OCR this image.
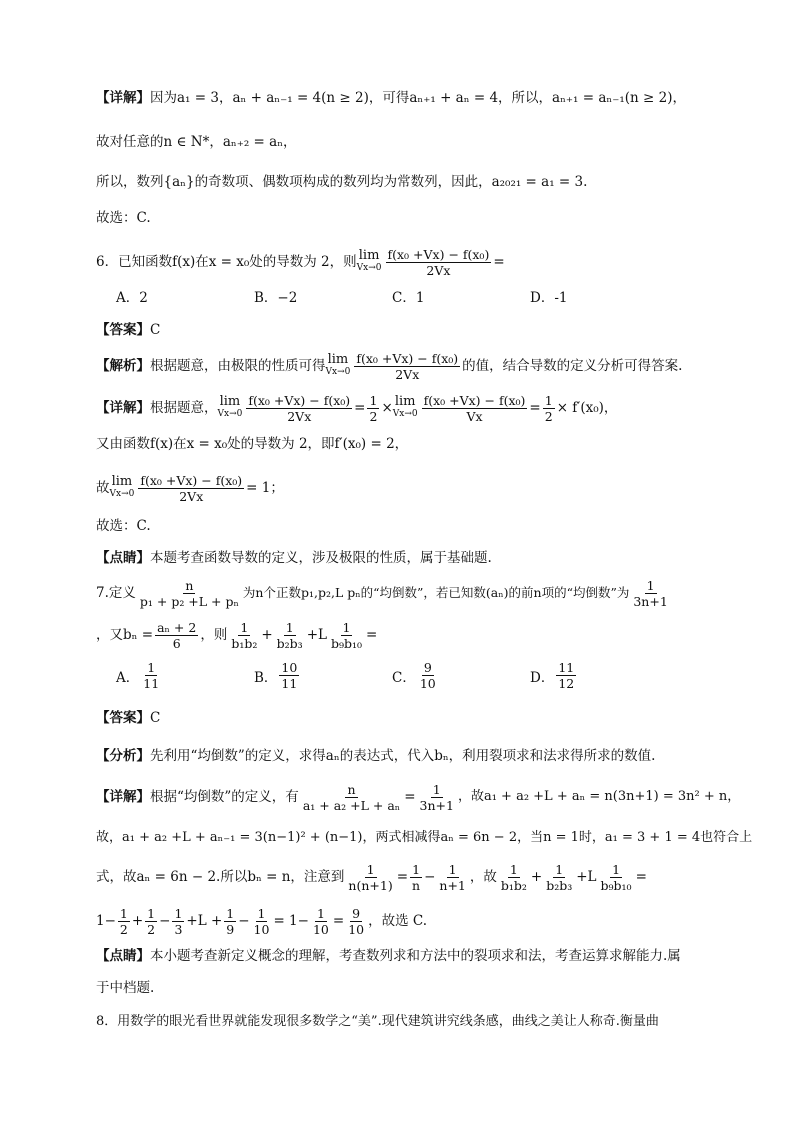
【详解】 因为a₁ = 3，aₙ + aₙ₋₁ = 4(n ≥ 2)，可得aₙ₊₁ + aₙ = 4，所以，aₙ₊₁ = aₙ₋₁(n ≥ 2)，
故对任意的n ∈ N*，aₙ₊₂ = aₙ，
所以，数列{aₙ}的奇数项、偶数项构成的数列均为常数列，因此，a₂₀₂₁ = a₁ = 3.
故选：C.
6．已知函数f(x)在x = x₀处的导数为 2，则 lim
$Vx\to 0 \frac{\text{f(x₀ +Vx) − f(x₀)}}{2Vx}$ =
A．2	B．−2	C．1	D．-1
【答案】 C
【解析】 根据题意，由极限的性质可得 lim
$Vx\to 0 \frac{\text{f(x₀ +Vx) − f(x₀)}}{2Vx}$ 的值，结合导数的定义分析可得答案.
【详解】 根据题意， lim
$Vx\to 0 \frac{\text{f(x₀ +Vx) − f(x₀)}}{2Vx} = \frac{1}{2} \times \lim$
$Vx\to 0 \frac{\text{f(x₀ +Vx) − f(x₀)}}{Vx} = \frac{1}{2} \times f'(x_0)$，
又由函数f(x)在x = x₀处的导数为 2，即f′(x₀) = 2，
故 lim
$Vx\to 0 \frac{\text{f(x₀ +Vx) − f(x₀)}}{2Vx} = 1$；
故选：C.
【点睛】 本题考查函数导数的定义，涉及极限的性质，属于基础题.
7.定义 $\frac{n}{\text{p₁ + p₂ +L + pₙ}}$ 为n个正数p₁,p₂,L pₙ的“均倒数”，若已知数(aₙ)的前n项的“均倒数”为 $\frac{1}{3n+1}$
，又$b_n = \frac{\text{aₙ + 2}}{6}$ ，则 $\frac{1}{\text{b₁b₂}} + \frac{1}{\text{b₂b₃}} +L \frac{1}{\text{b₉b₁₀}}$ =
A． $\frac{1}{11}$	B． $\frac{10}{11}$	C． $\frac{9}{10}$	D． $\frac{11}{12}$
【答案】 C
【分析】 先利用“均倒数”的定义，求得aₙ的表达式，代入bₙ，利用裂项求和法求得所求的数值.
【详解】 根据“均倒数”的定义，有 $\frac{n}{\text{a₁ + a₂ +L + aₙ}} = \frac{1}{3n+1}$ ，故a₁ + a₂ +L + aₙ = n(3n+1) = 3n² + n，
故，a₁ + a₂ +L + aₙ₋₁ = 3(n−1)² + (n−1)，两式相减得aₙ = 6n − 2，当n = 1时，a₁ = 3 + 1 = 4也符合上
式，故aₙ = 6n − 2.所以bₙ = n，注意到 $\frac{1}{n(n+1)} = \frac{1}{n} - \frac{1}{n+1}$ ，故 $\frac{1}{\text{b₁b₂}} + \frac{1}{\text{b₂b₃}} +L \frac{1}{\text{b₉b₁₀}}$ =
$1- \frac{1}{2} + \frac{1}{2} - \frac{1}{3} +L + \frac{1}{9} - \frac{1}{10} = 1- \frac{1}{10} = \frac{9}{10}$ ，故选 C.
【点睛】 本小题考查新定义概念的理解，考查数列求和方法中的裂项求和法，考查运算求解能力.属
于中档题.
8．用数学的眼光看世界就能发现很多数学之“美”.现代建筑讲究线条感，曲线之美让人称奇.衡量曲
